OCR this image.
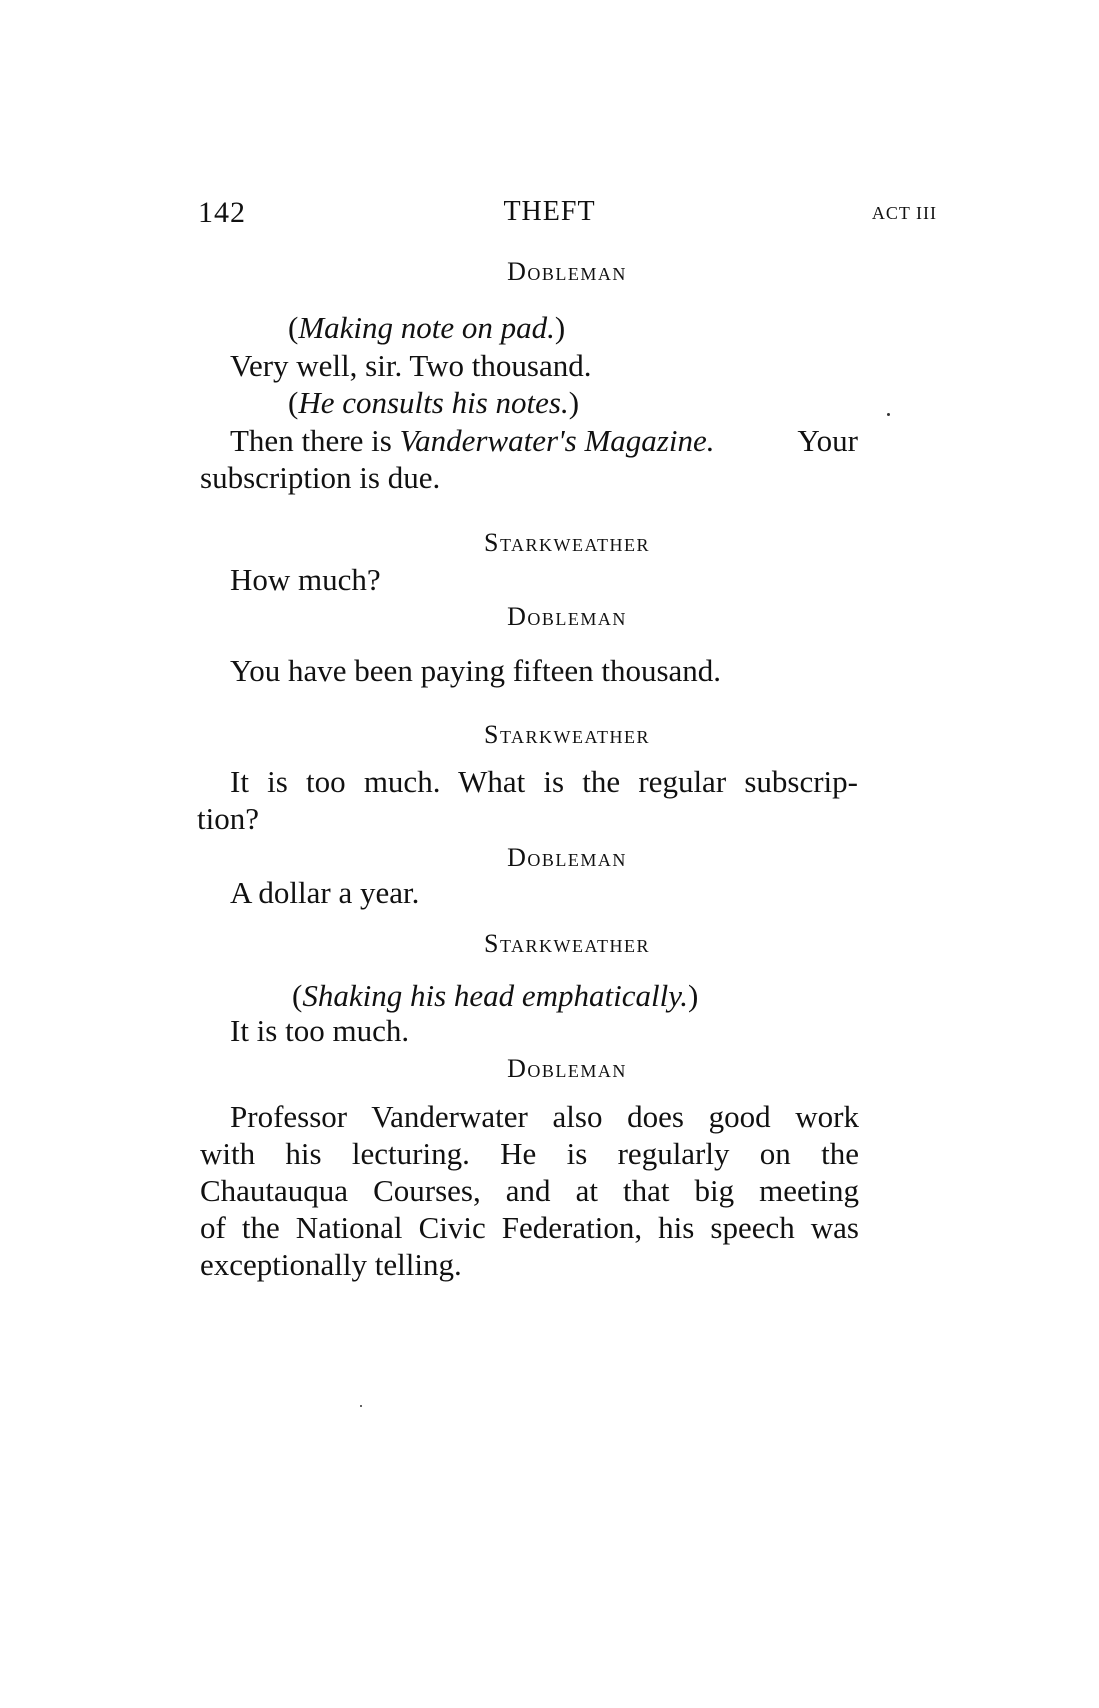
142	THEFT	ACT III
Dobleman
(Making note on pad.)
Very well, sir. Two thousand.
(He consults his notes.)
Then there is Vanderwater's Magazine.	Your
subscription is due.
Starkweather
How much?
Dobleman
You have been paying fifteen thousand.
Starkweather
It is too much. What is the regular subscrip-
tion?
Dobleman
A dollar a year.
Starkweather
(Shaking his head emphatically.)
It is too much.
Dobleman
Professor Vanderwater also does good work
with his lecturing. He is regularly on the
Chautauqua Courses, and at that big meeting
of the National Civic Federation, his speech was
exceptionally telling.
